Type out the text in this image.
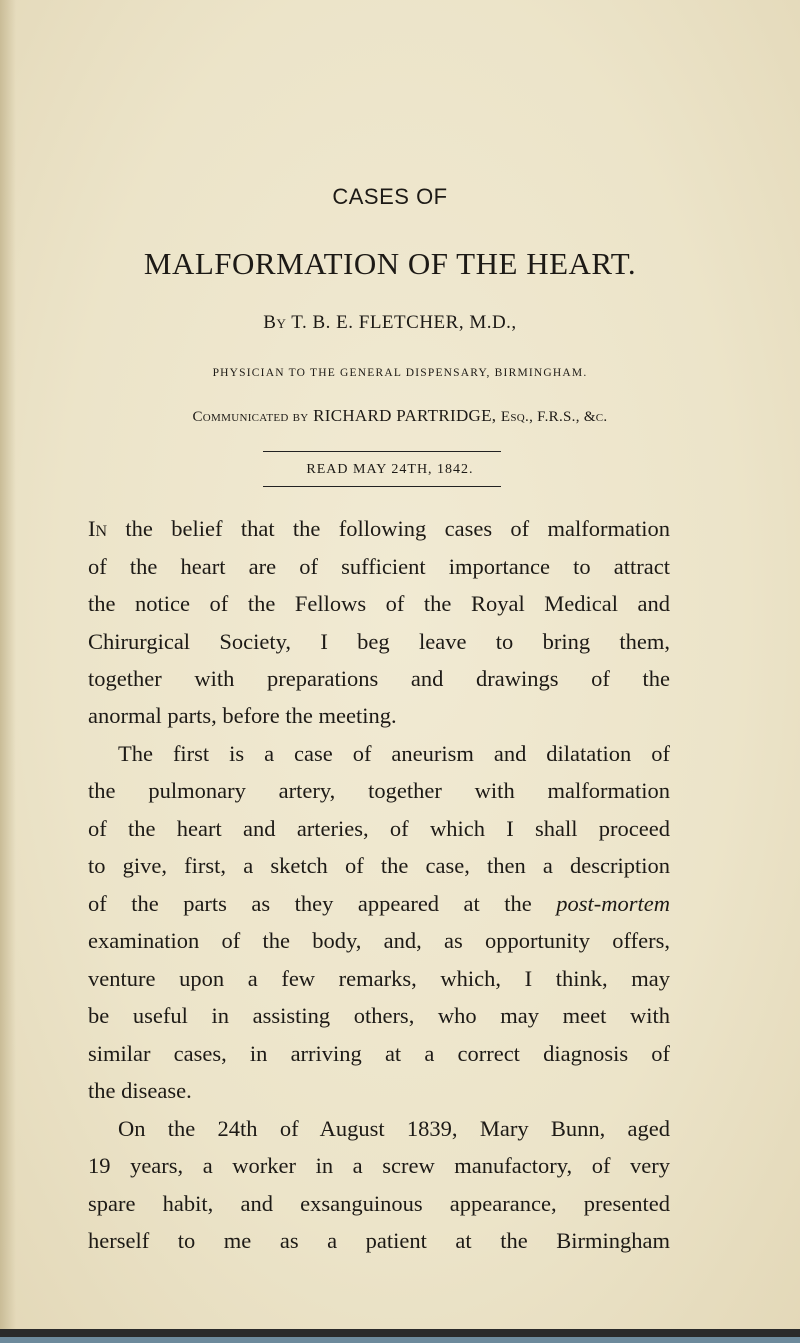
CASES OF
MALFORMATION OF THE HEART.
By T. B. E. FLETCHER, M.D.,
PHYSICIAN TO THE GENERAL DISPENSARY, BIRMINGHAM.
Communicated by RICHARD PARTRIDGE, Esq., F.R.S., &c.
READ MAY 24TH, 1842.
In the belief that the following cases of malformation
of the heart are of sufficient importance to attract
the notice of the Fellows of the Royal Medical and
Chirurgical Society, I beg leave to bring them,
together with preparations and drawings of the
anormal parts, before the meeting.
The first is a case of aneurism and dilatation of
the pulmonary artery, together with malformation
of the heart and arteries, of which I shall proceed
to give, first, a sketch of the case, then a description
of the parts as they appeared at the post-mortem
examination of the body, and, as opportunity offers,
venture upon a few remarks, which, I think, may
be useful in assisting others, who may meet with
similar cases, in arriving at a correct diagnosis of
the disease.
On the 24th of August 1839, Mary Bunn, aged
19 years, a worker in a screw manufactory, of very
spare habit, and exsanguinous appearance, presented
herself to me as a patient at the Birmingham
